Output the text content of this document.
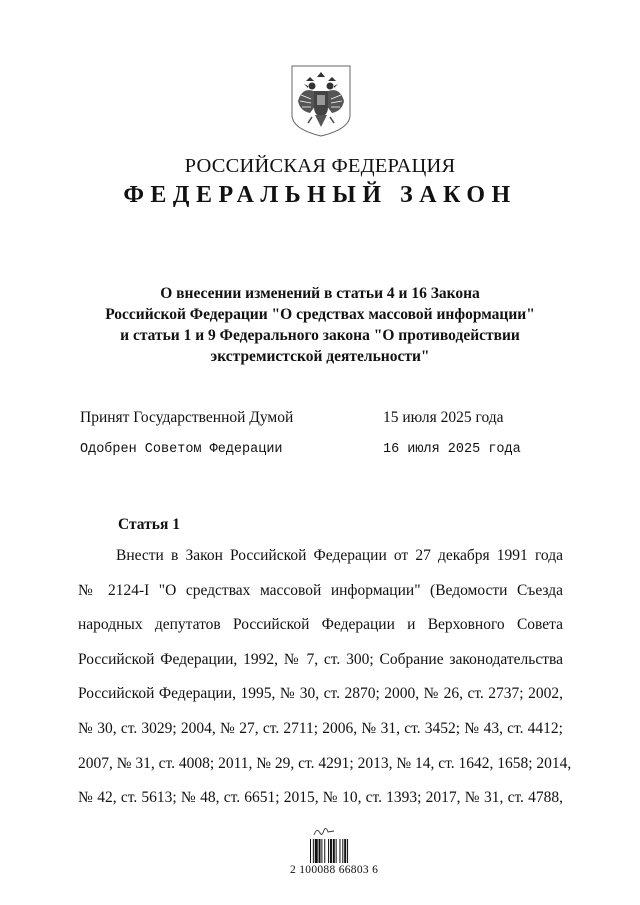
РОССИЙСКАЯ ФЕДЕРАЦИЯ
ФЕДЕРАЛЬНЫЙ ЗАКОН
О внесении изменений в статьи 4 и 16 Закона
Российской Федерации "О средствах массовой информации"
и статьи 1 и 9 Федерального закона "О противодействии
экстремистской деятельности"
Принят Государственной Думой	15 июля 2025 года
Одобрен Советом Федерации	16 июля 2025 года
Статья 1
Внести в Закон Российской Федерации от 27 декабря 1991 года
№ 2124-I "О средствах массовой информации" (Ведомости Съезда
народных депутатов Российской Федерации и Верховного Совета
Российской Федерации, 1992, № 7, ст. 300; Собрание законодательства
Российской Федерации, 1995, № 30, ст. 2870; 2000, № 26, ст. 2737; 2002,
№ 30, ст. 3029; 2004, № 27, ст. 2711; 2006, № 31, ст. 3452; № 43, ст. 4412;
2007, № 31, ст. 4008; 2011, № 29, ст. 4291; 2013, № 14, ст. 1642, 1658; 2014,
№ 42, ст. 5613; № 48, ст. 6651; 2015, № 10, ст. 1393; 2017, № 31, ст. 4788,
2 100088 66803 6
